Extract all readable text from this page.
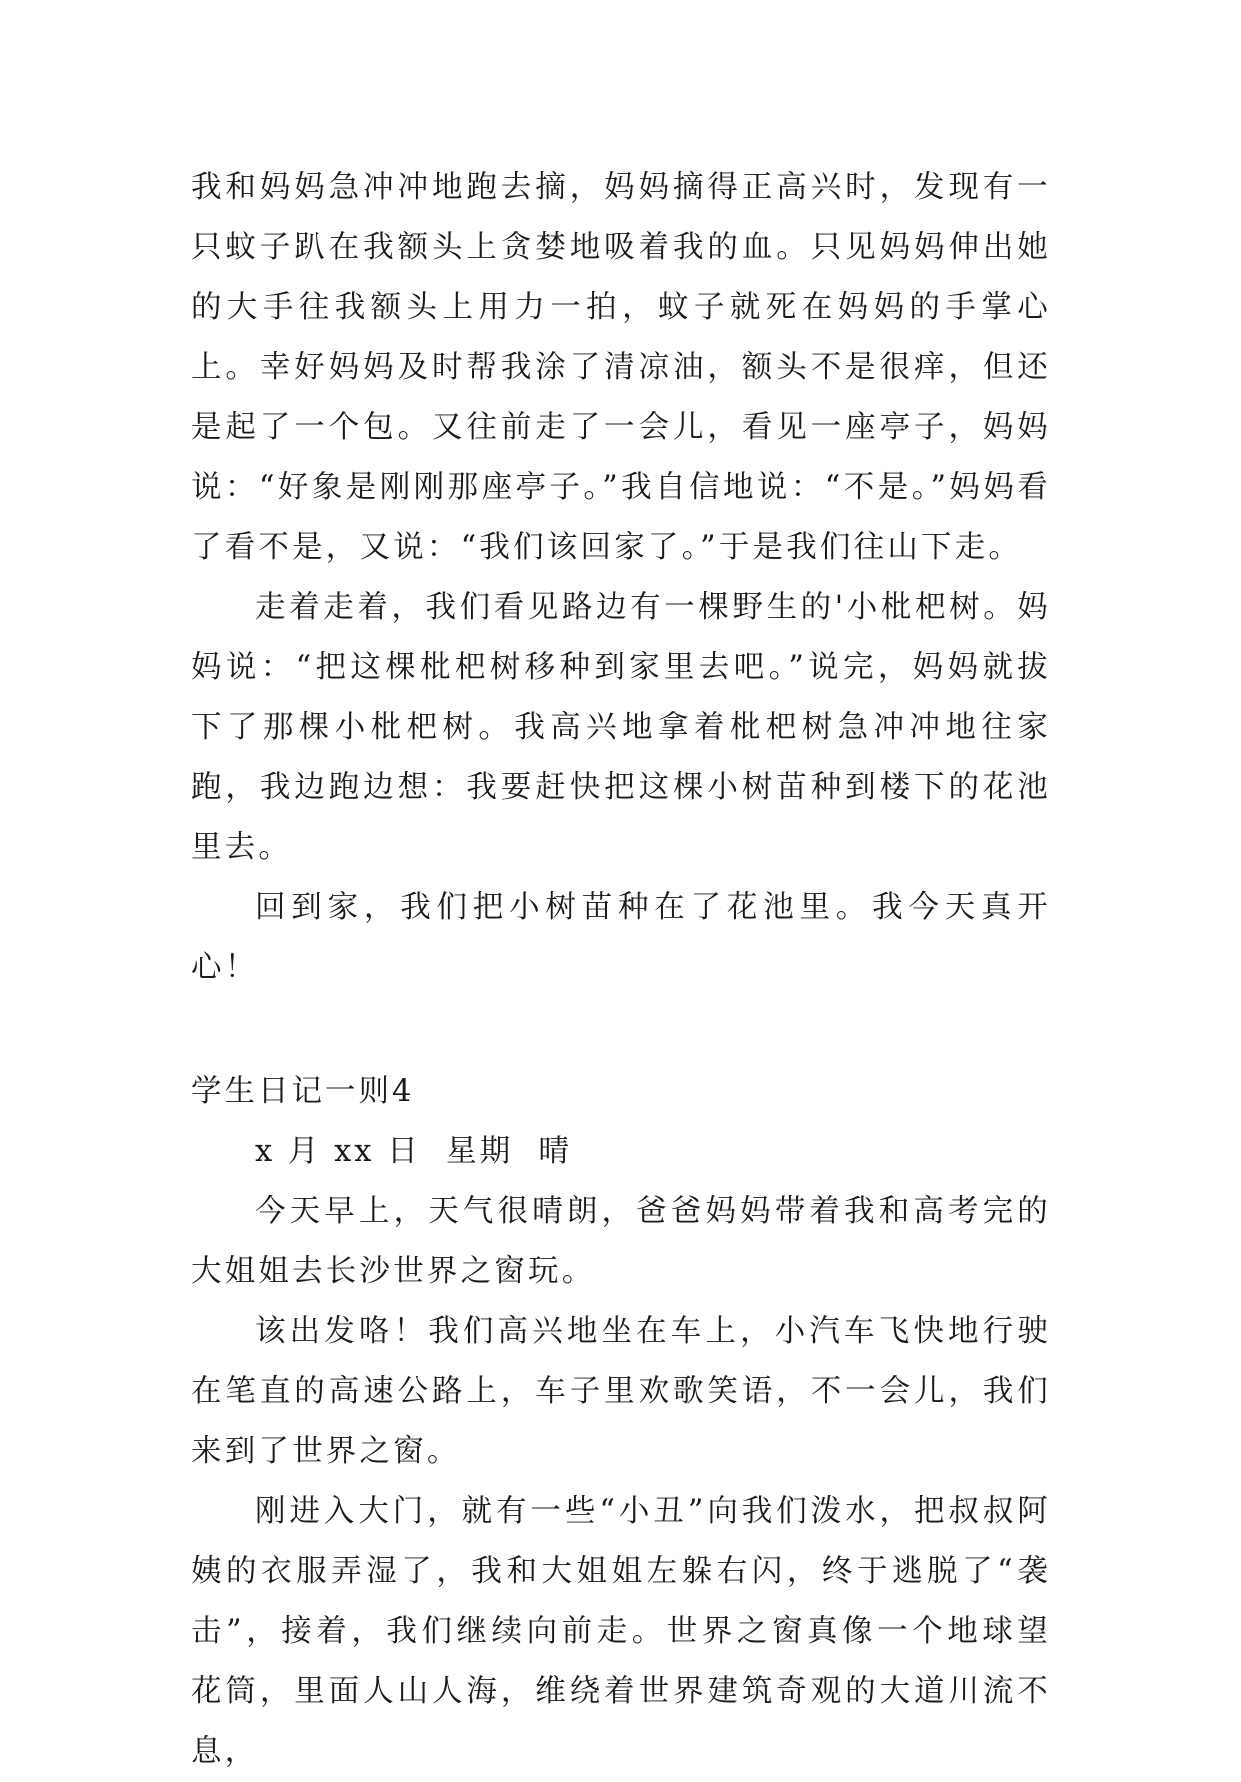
我和妈妈急冲冲地跑去摘，妈妈摘得正高兴时，发现有一只蚊子趴在我额头上贪婪地吸着我的血。只见妈妈伸出她的大手往我额头上用力一拍，蚊子就死在妈妈的手掌心上。幸好妈妈及时帮我涂了清凉油，额头不是很痒，但还是起了一个包。又往前走了一会儿，看见一座亭子，妈妈说：“好象是刚刚那座亭子。”我自信地说：“不是。”妈妈看了看不是，又说：“我们该回家了。”于是我们往山下走。

走着走着，我们看见路边有一棵野生的'小枇杷树。妈妈说：“把这棵枇杷树移种到家里去吧。”说完，妈妈就拔下了那棵小枇杷树。我高兴地拿着枇杷树急冲冲地往家跑，我边跑边想：我要赶快把这棵小树苗种到楼下的花池里去。

回到家，我们把小树苗种在了花池里。我今天真开心！

学生日记一则4

x 月 xx 日  星期  晴

今天早上，天气很晴朗，爸爸妈妈带着我和高考完的大姐姐去长沙世界之窗玩。

该出发咯！我们高兴地坐在车上，小汽车飞快地行驶在笔直的高速公路上，车子里欢歌笑语，不一会儿，我们来到了世界之窗。

刚进入大门，就有一些“小丑”向我们泼水，把叔叔阿姨的衣服弄湿了，我和大姐姐左躲右闪，终于逃脱了“袭击”，接着，我们继续向前走。世界之窗真像一个地球望花筒，里面人山人海，维绕着世界建筑奇观的大道川流不息，
